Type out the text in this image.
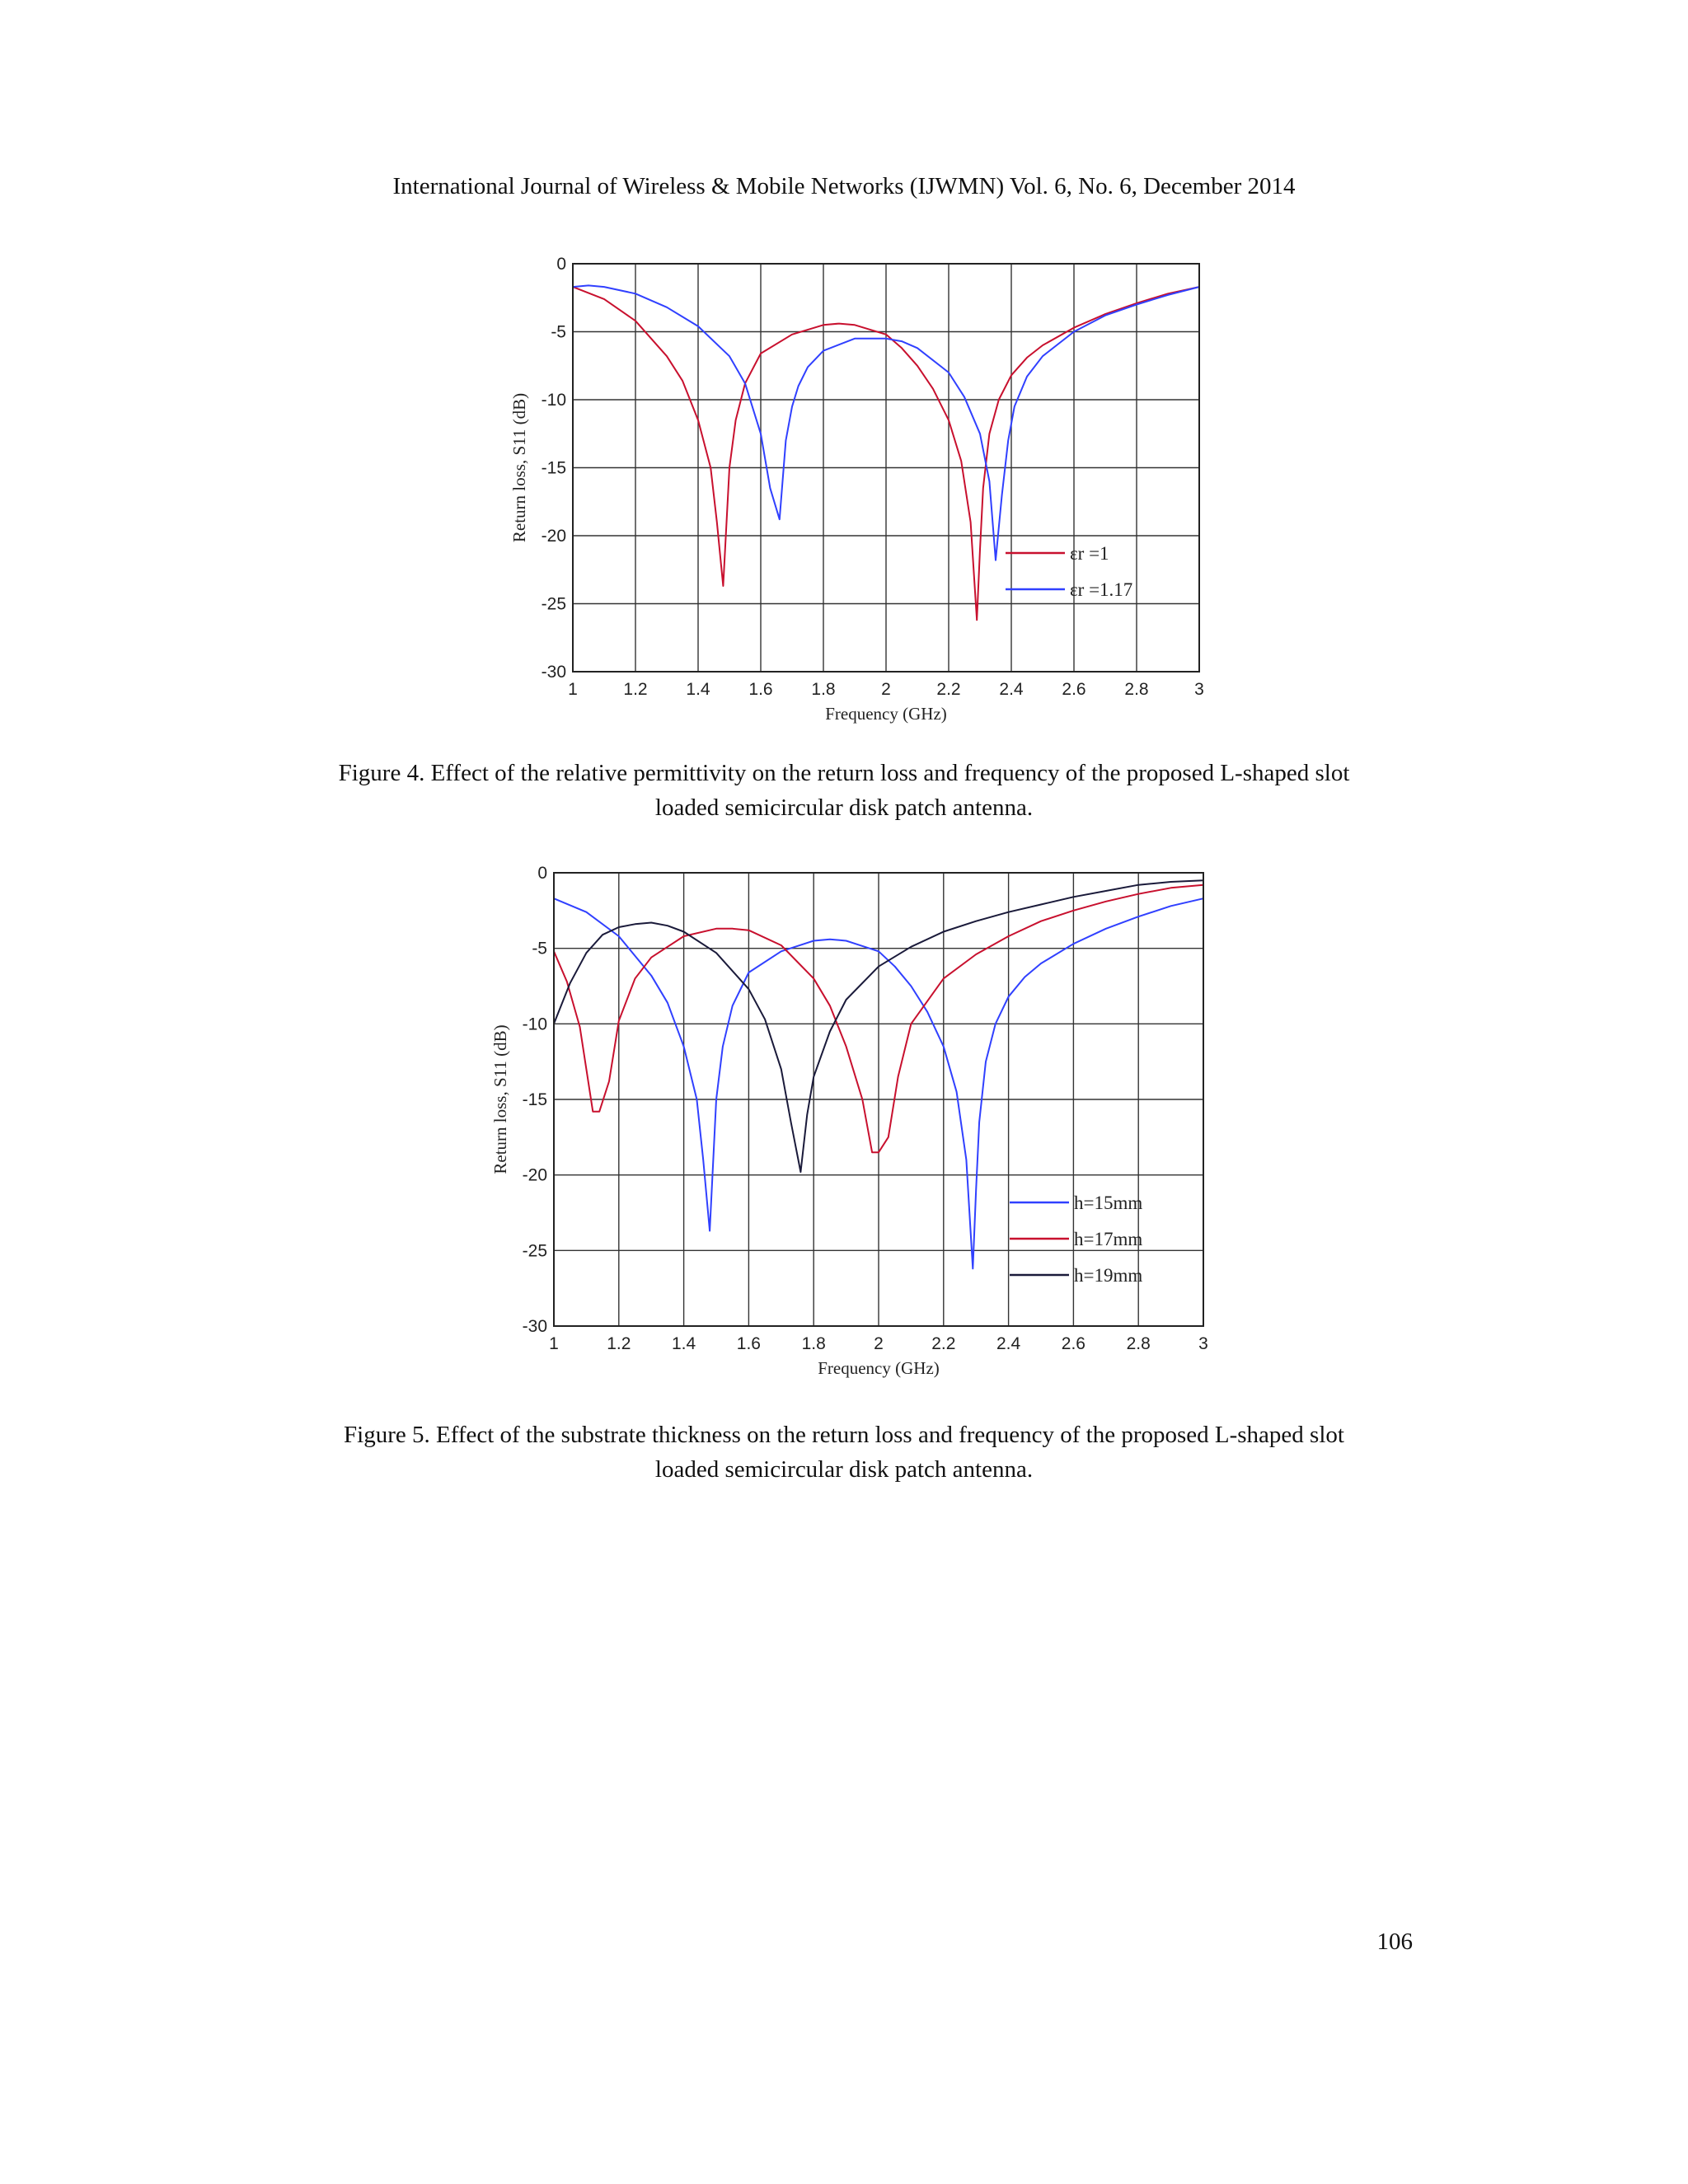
International Journal of Wireless & Mobile Networks (IJWMN) Vol. 6, No. 6, December 2014
1	1.2 1.4 1.6 1.8	2	2.2 2.4 2.6 2.8	3
0
-5
-10
-15
-20
-25
-30
Frequency (GHz)
Return loss, S11 (dB)
εr =1
εr =1.17
Figure 4. Effect of the relative permittivity on the return loss and frequency of the proposed L-shaped slot
loaded semicircular disk patch antenna.
1	1.2 1.4 1.6 1.8	2	2.2 2.4 2.6 2.8	3
0
-5
-10
-15
-20
-25
-30
Frequency (GHz)
Return loss, S11 (dB)
h=15mm
h=17mm
h=19mm
Figure 5. Effect of the substrate thickness on the return loss and frequency of the proposed L-shaped slot
loaded semicircular disk patch antenna.
106
